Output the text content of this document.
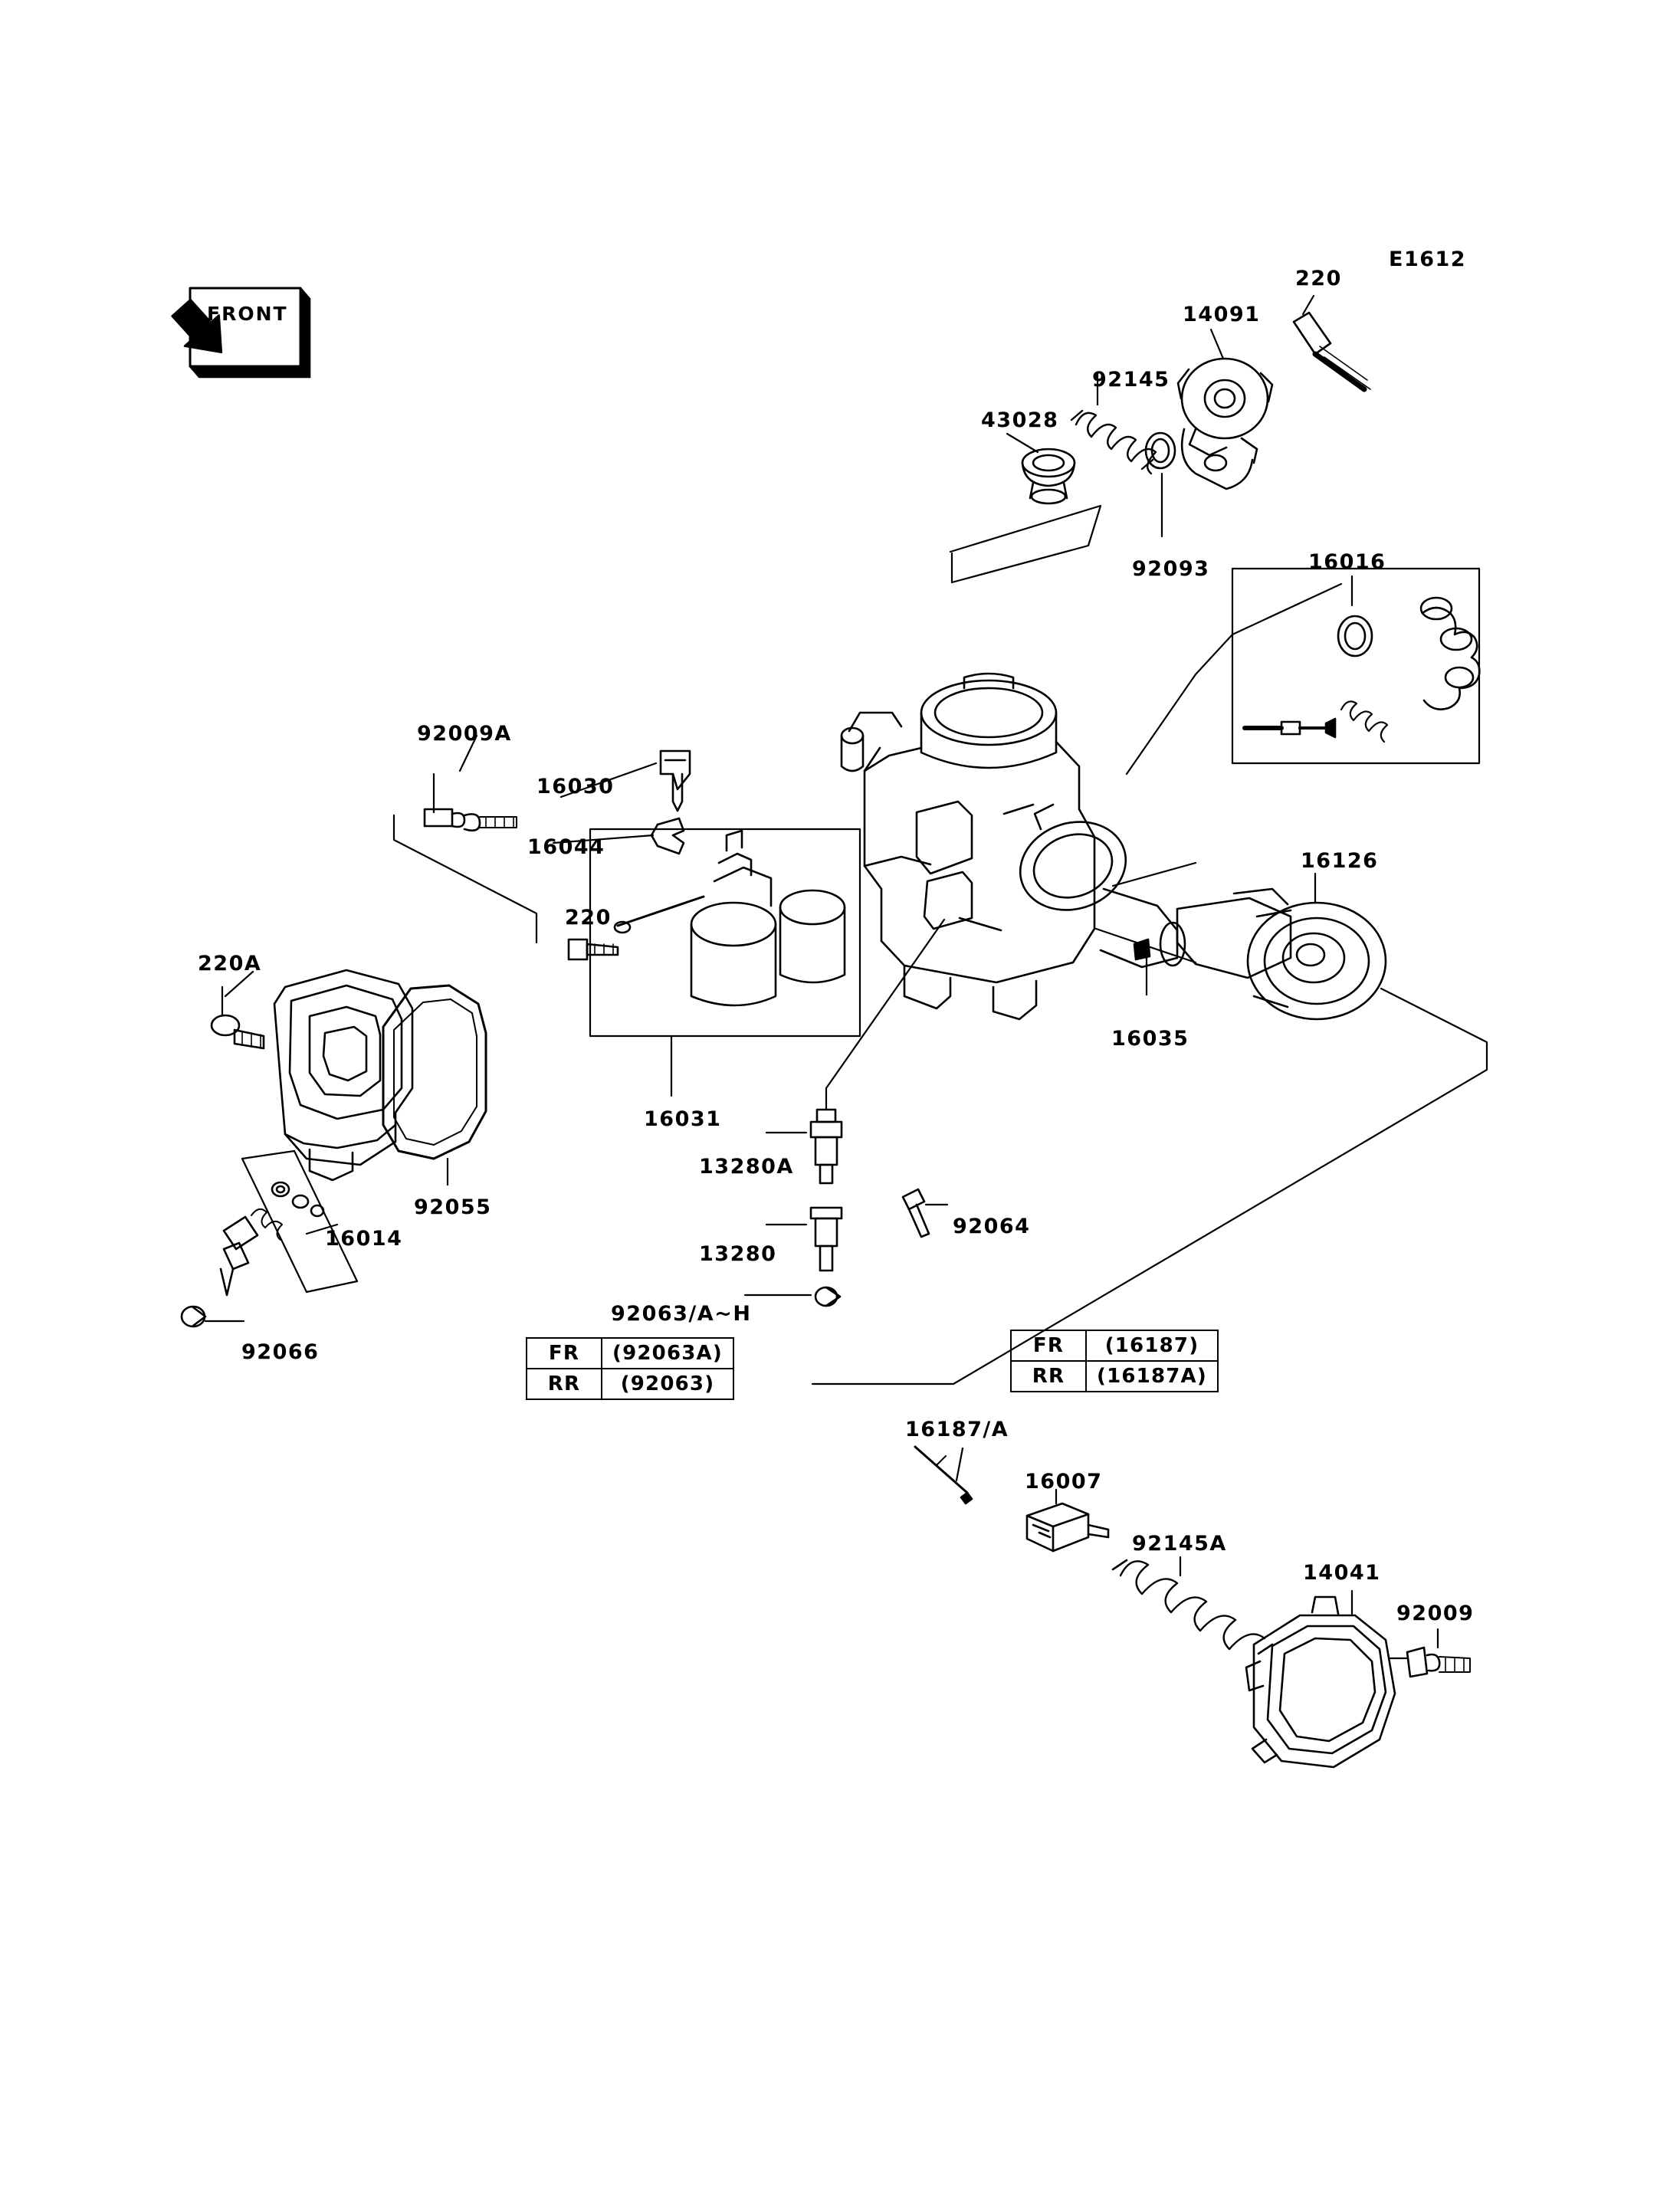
E1612
220
14091
92145
43028
92093	16016
92009A
16030
16044
16126
220
220A
16035
16031
92055
13280A
16014
92064
13280
92066
92063/A~H
16187/A
16007
92145A
14041
92009
FR	(92063A)
RR	(92063)
FR	(16187)
RR	(16187A)
FRONT
